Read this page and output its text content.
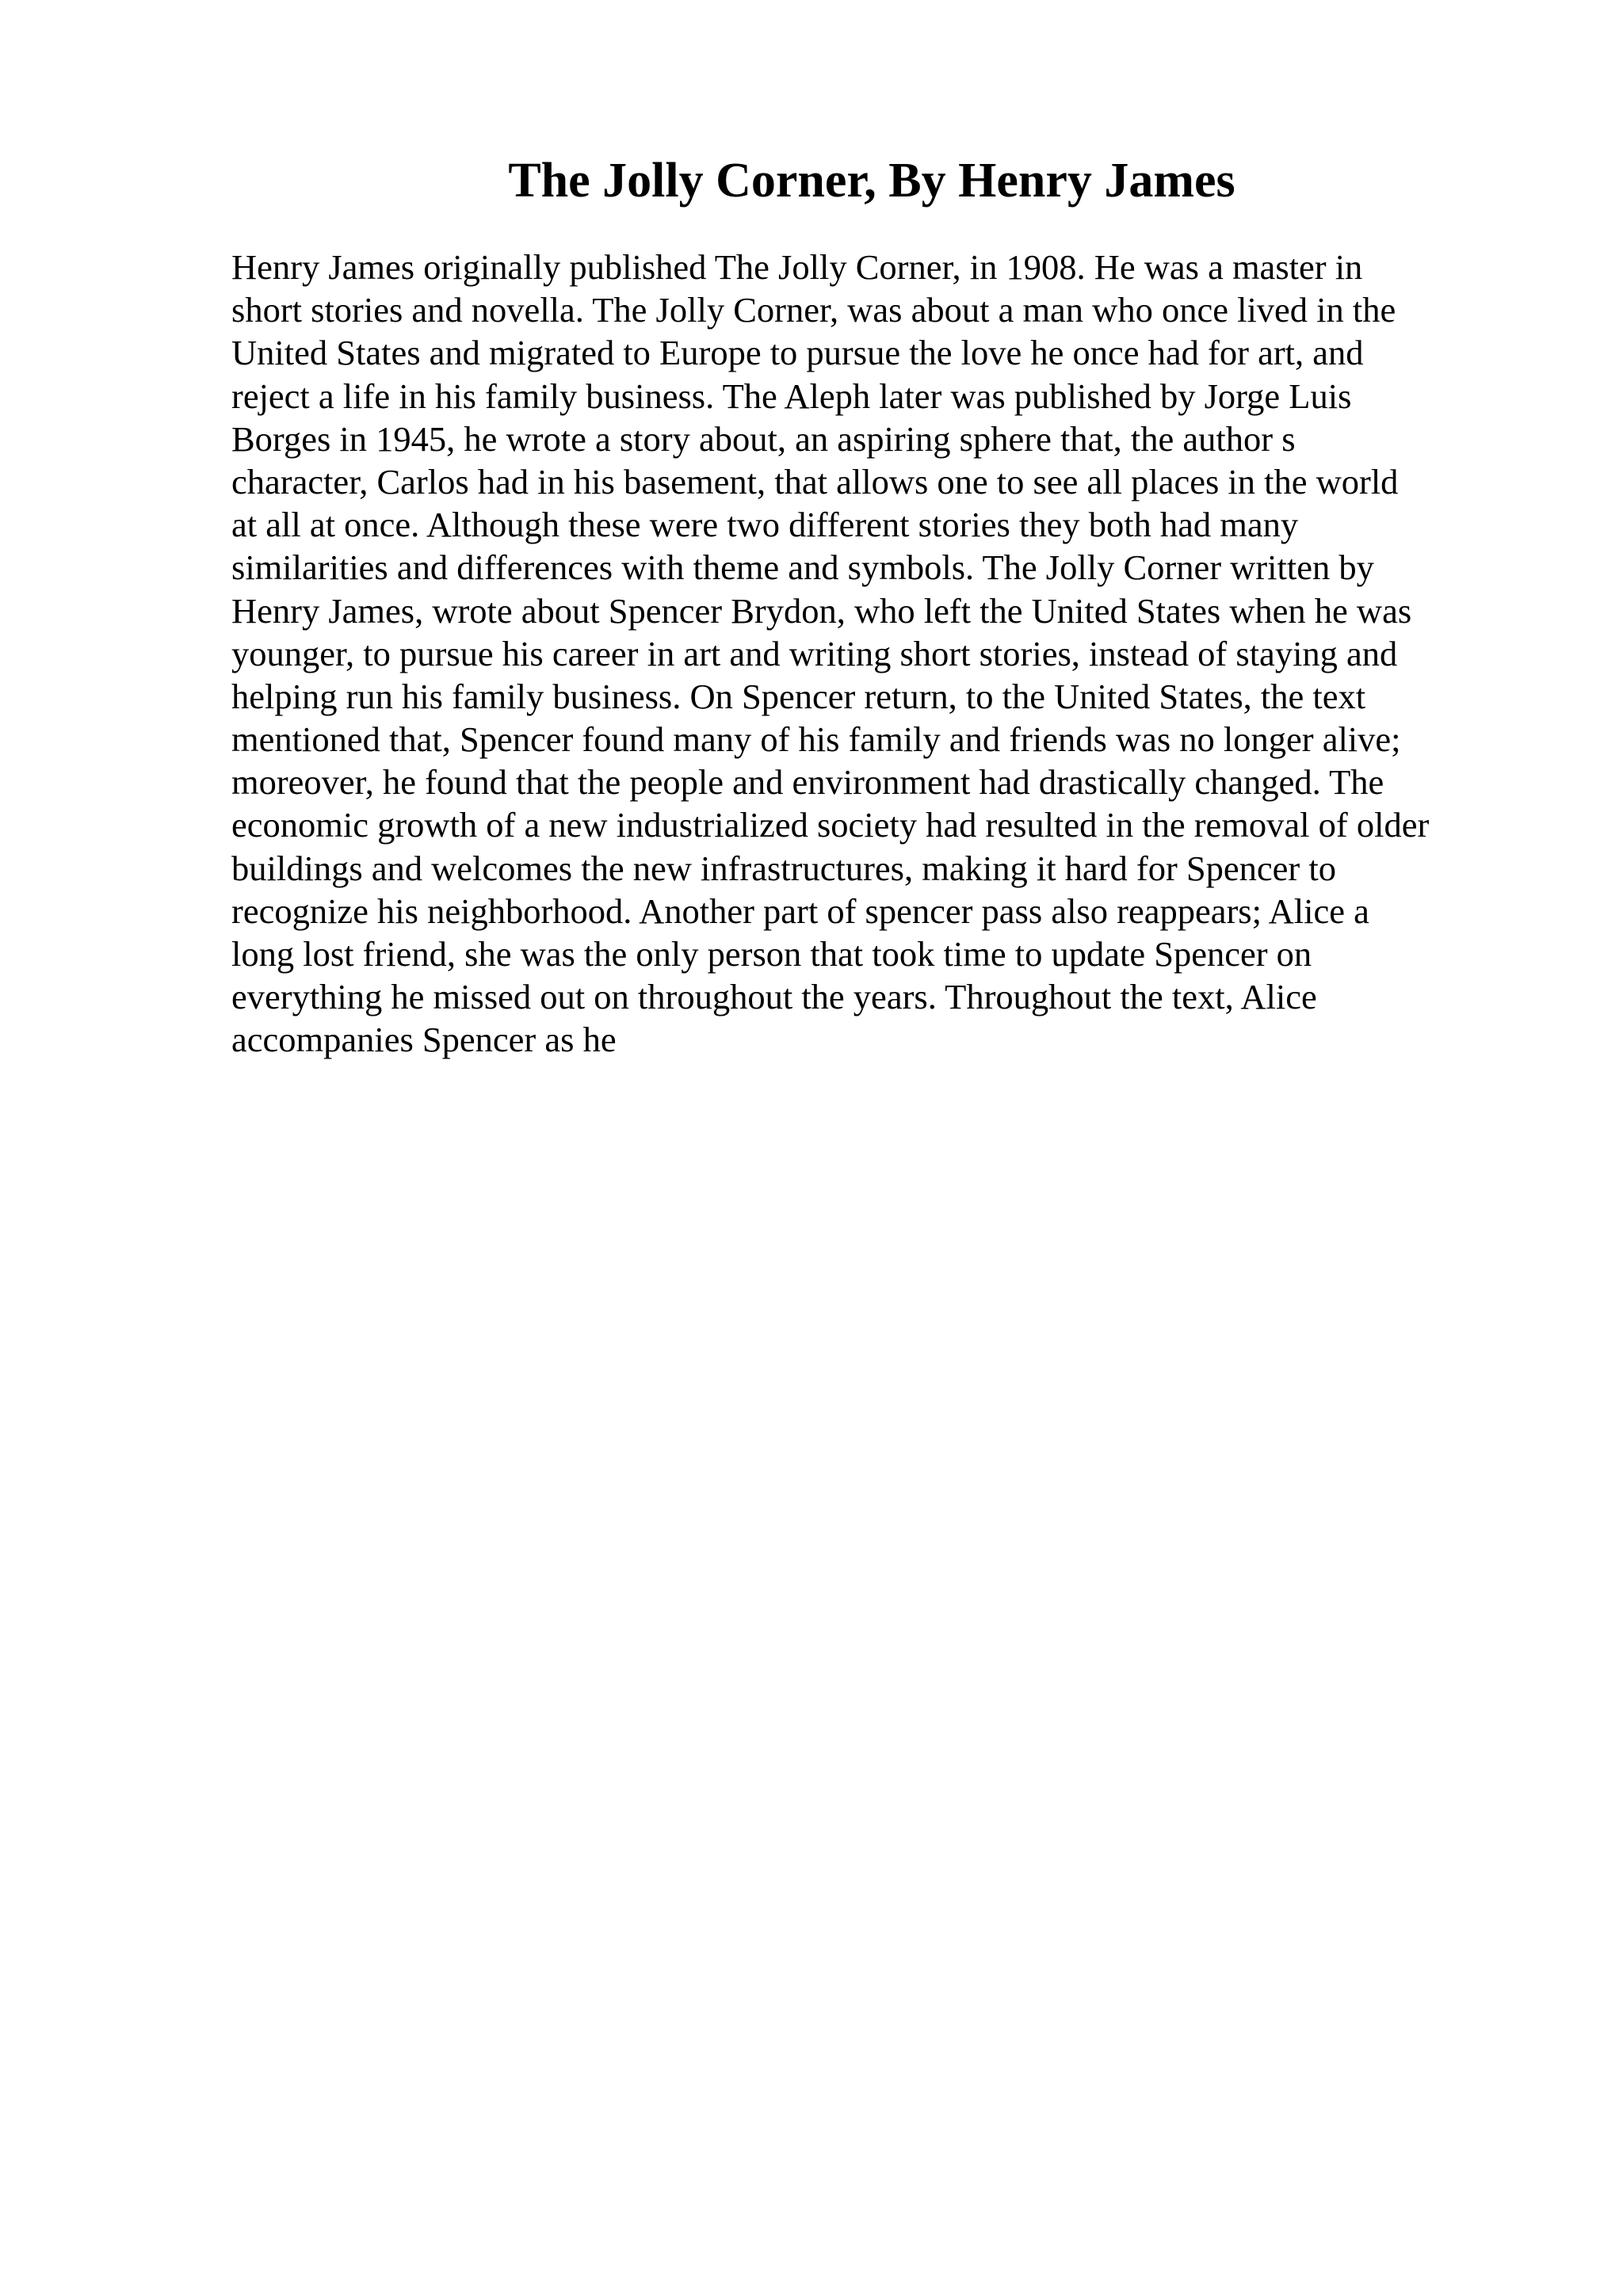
The Jolly Corner, By Henry James
Henry James originally published The Jolly Corner, in 1908. He was a master in
short stories and novella. The Jolly Corner, was about a man who once lived in the
United States and migrated to Europe to pursue the love he once had for art, and
reject a life in his family business. The Aleph later was published by Jorge Luis
Borges in 1945, he wrote a story about, an aspiring sphere that, the author s
character, Carlos had in his basement, that allows one to see all places in the world
at all at once. Although these were two different stories they both had many
similarities and differences with theme and symbols. The Jolly Corner written by
Henry James, wrote about Spencer Brydon, who left the United States when he was
younger, to pursue his career in art and writing short stories, instead of staying and
helping run his family business. On Spencer return, to the United States, the text
mentioned that, Spencer found many of his family and friends was no longer alive;
moreover, he found that the people and environment had drastically changed. The
economic growth of a new industrialized society had resulted in the removal of older
buildings and welcomes the new infrastructures, making it hard for Spencer to
recognize his neighborhood. Another part of spencer pass also reappears; Alice a
long lost friend, she was the only person that took time to update Spencer on
everything he missed out on throughout the years. Throughout the text, Alice
accompanies Spencer as he
